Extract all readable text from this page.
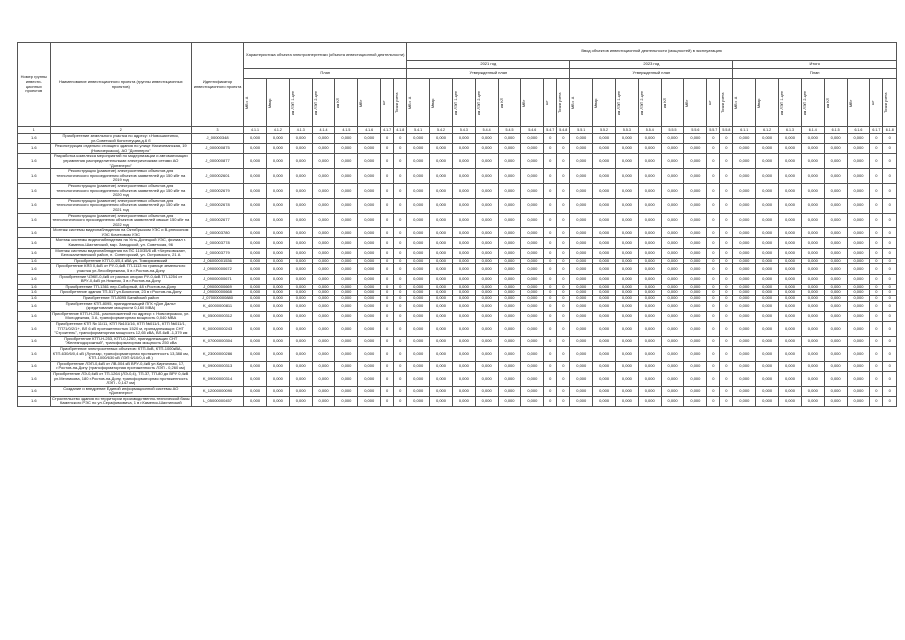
Номер группы инвести-ционных проектов	Наименование инвестиционного проекта (группы инвестиционных проектов)	Идентификатор инвестиционного проекта	Характеристика объекта электроэнергетики (объекта инвестиционной деятельности)								Ввод объектов инвестиционной деятельности (мощностей) в эксплуатацию																							
											2021 год								2023 год								Итого							
			План								Утвержденный план								Утвержденный план								План							

			МВ×А	Мвар	км ЛЭП 1-цеп	км ЛЭП 2-цеп	км КЛ	МВт	шт	Точки учета	МВ×А	Мвар	км ЛЭП 1-цеп	км ЛЭП 2-цеп	км КЛ	МВт	шт	Точки учета	МВ×А	Мвар	км ЛЭП 1-цеп	км ЛЭП 2-цеп	км КЛ	МВт	шт	Точки учета	МВ×А	Мвар	км ЛЭП 1-цеп	км ЛЭП 2-цеп	км КЛ	МВт	шт	Точки учета

1	2	3	4.1.1	4.1.2	4.1.3	4.1.4	4.1.5	4.1.6	4.1.7	4.1.8	5.4.1	5.4.2	5.4.3	5.4.4	5.4.5	5.4.6	5.4.7	5.4.8	5.5.1	5.5.2	5.5.3	5.5.4	5.5.5	5.5.6	5.5.7	5.5.8	6.1.1	6.1.2	6.1.3	6.1.4	6.1.5	6.1.6	6.1.7	6.1.8
1.6	Приобретение земельного участка по адресу: г.Новошахтинск, ул.Советской Конституции,д.6 б	J_00000348	0,000	0,000	0,000	0,000	0,000	0,000	0	0	0,000	0,000	0,000	0,000	0,000	0,000	0	0	0,000	0,000	0,000	0,000	0,000	0,000	0	0	0,000	0,000	0,000	0,000	0,000	0,000	0	0
1.6	Реконструкция отдельно стоящего здания по улице Нахичеванская, 19 (Новочеркасск), АО "Донэнерго"	J_000000875	0,000	0,000	0,000	0,000	0,000	0,000	0	0	0,000	0,000	0,000	0,000	0,000	0,000	0	0	0,000	0,000	0,000	0,000	0,000	0,000	0	0	0,000	0,000	0,000	0,000	0,000	0,000	0	0
1.6	Разработка комплекса мероприятий по модернизации и автоматизации управления распределительными электрическими сетями АО "Донэнерго"	J_000000877	0,000	0,000	0,000	0,000	0,000	0,000	0	0	0,000	0,000	0,000	0,000	0,000	0,000	0	0	0,000	0,000	0,000	0,000	0,000	0,000	0	0	0,000	0,000	0,000	0,000	0,000	0,000	0	0
1.6	Реконструкция (развитие) электросетевых объектов для технологического присоединения объектов заявителей до 150 кВт на 2019 год	J_000002601	0,000	0,000	0,000	0,000	0,000	0,000	0	0	0,000	0,000	0,000	0,000	0,000	0,000	0	0	0,000	0,000	0,000	0,000	0,000	0,000	0	0	0,000	0,000	0,000	0,000	0,000	0,000	0	0
1.6	Реконструкция (развитие) электросетевых объектов для технологического присоединения объектов заявителей до 150 кВт на 2020 год	J_000002679	0,000	0,000	0,000	0,000	0,000	0,000	0	0	0,000	0,000	0,000	0,000	0,000	0,000	0	0	0,000	0,000	0,000	0,000	0,000	0,000	0	0	0,000	0,000	0,000	0,000	0,000	0,000	0	0
1.6	Реконструкция (развитие) электросетевых объектов для технологического присоединения объектов заявителей до 150 кВт на 2021 год	J_000002678	0,000	0,000	0,000	0,000	0,000	0,000	0	0	0,000	0,000	0,000	0,000	0,000	0,000	0	0	0,000	0,000	0,000	0,000	0,000	0,000	0	0	0,000	0,000	0,000	0,000	0,000	0,000	0	0
1.6	Реконструкция (развитие) электросетевых объектов для технологического присоединения объектов заявителей свыше 150 кВт на 2022 год	J_000002677	0,000	0,000	0,000	0,000	0,000	0,000	0	0	0,000	0,000	0,000	0,000	0,000	0,000	0	0	0,000	0,000	0,000	0,000	0,000	0,000	0	0	0,000	0,000	0,000	0,000	0,000	0,000	0	0
1.6	Монтаж системы видеонаблюдения на Октябрьском УЭС и В-рпесконом УЭС Кочетовом УЭС	J_000003780	0,000	0,000	0,000	0,000	0,000	0,000	0	0	0,000	0,000	0,000	0,000	0,000	0,000	0	0	0,000	0,000	0,000	0,000	0,000	0,000	0	0	0,000	0,000	0,000	0,000	0,000	0,000	0	0
1.6	Монтаж системы видеонаблюдения на Усть-Донецкой УЭС, филиал г. Каменск-Шахтинский, мкр. Заводской, ул. Советская, 96	J_000003778	0,000	0,000	0,000	0,000	0,000	0,000	0	0	0,000	0,000	0,000	0,000	0,000	0,000	0	0	0,000	0,000	0,000	0,000	0,000	0,000	0	0	0,000	0,000	0,000	0,000	0,000	0,000	0	0
1.6	Монтаж системы видеонаблюдения на ПС 110/35/6 кВ «Чертковская», Белокалитвинский район, п. Синегорский, ул. Островского, 21 А	J_000003779	0,000	0,000	0,000	0,000	0,000	0,000	0	0	0,000	0,000	0,000	0,000	0,000	0,000	0	0	0,000	0,000	0,000	0,000	0,000	0,000	0	0	0,000	0,000	0,000	0,000	0,000	0,000	0	0
1.6	Приобретение КТП-0,4/0,4 кВА ул. Тимирязевский	J_06000001536	0,000	0,000	0,000	0,000	0,000	0,000	0	0	0,000	0,000	0,000	0,000	0,000	0,000	0	0	0,000	0,000	0,000	0,000	0,000	0,000	0	0	0,000	0,000	0,000	0,000	0,000	0,000	0	0
1.6	Приобретение КЯЗ 0,4кВ от РУ-0,4кВ ТП-1113 по границе земельного участка ул.Лесобережная, 5 в г.Ростов-на-Дону	J_09000000672	0,000	0,000	0,000	0,000	0,000	0,000	0	0	0,000	0,000	0,000	0,000	0,000	0,000	0	0	0,000	0,000	0,000	0,000	0,000	0,000	0	0	0,000	0,000	0,000	0,000	0,000	0,000	0	0
1.6	Приобретение ЧЭКЕ-0,4кВ от разных опорах РУ-0,4кВ ТП-1254 от ВРУ-0,4кВ ул.Нижняя, 3 в г.Ростов-на-Дону	J_09000000671	0,000	0,000	0,000	0,000	0,000	0,000	0	0	0,000	0,000	0,000	0,000	0,000	0,000	0	0	0,000	0,000	0,000	0,000	0,000	0,000	0	0	0,000	0,000	0,000	0,000	0,000	0,000	0	0
1.6	Приобретение ТП-1361 пер.Соборный, 48 г.Ростов-на-Дону	J_09000000669	0,000	0,000	0,000	0,000	0,000	0,000	0	0	0,000	0,000	0,000	0,000	0,000	0,000	0	0	0,000	0,000	0,000	0,000	0,000	0,000	0	0	0,000	0,000	0,000	0,000	0,000	0,000	0	0
1.6	Приобретение здания ТП-517 ул.Биологов, 23 в г.Ростов-на-Дону	J_09000000668	0,000	0,000	0,000	0,000	0,000	0,000	0	0	0,000	0,000	0,000	0,000	0,000	0,000	0	0	0,000	0,000	0,000	0,000	0,000	0,000	0	0	0,000	0,000	0,000	0,000	0,000	0,000	0	0
1.6	Приобретение ТП-8095 Батайский район	J_070000000880	0,000	0,000	0,000	0,000	0,000	0,000	0	0	0,000	0,000	0,000	0,000	0,000	0,000	0	0	0,000	0,000	0,000	0,000	0,000	0,000	0	0	0,000	0,000	0,000	0,000	0,000	0,000	0	0
1.6	Приобретение КТП-8095, принадлежащей ПГК «Дон Даль» (кредитование мощности 0,160 МВА)	K_40000000811	0,000	0,000	0,000	0,000	0,000	0,000	0	0	0,000	0,000	0,000	0,000	0,000	0,000	0	0	0,000	0,000	0,000	0,000	0,000	0,000	0	0	0,000	0,000	0,000	0,000	0,000	0,000	0	0
1.6	Приобретение КТП-Н-251, расположенной по адресу: г. Новочеркасск, ул. Молодежная, 3 А, трансформаторная мощность 0,040 МВА	K_05000000312	0,000	0,000	0,000	0,000	0,000	0,000	0	0	0,000	0,000	0,000	0,000	0,000	0,000	0	0	0,000	0,000	0,000	0,000	0,000	0,000	0	0	0,000	0,000	0,000	0,000	0,000	0,000	0	0
1.6	Приобретение КТП № 11/11, КТП №101/16, КТП №011/1, КТП №011/1, ТП71/0/2/1+, ВЛ 6 кВ протяженностью 1520 м, принадлежащих СНТ "Строитель", трансформаторная мощность 12,65 кВА, ВЛ-6кВ -1,379 км	K_00000000243	0,000	0,000	0,000	0,000	0,000	0,000	0	0	0,000	0,000	0,000	0,000	0,000	0,000	0	0	0,000	0,000	0,000	0,000	0,000	0,000	0	0	0,000	0,000	0,000	0,000	0,000	0,000	0	0
1.6	Приобретение КТП-Н-253, КТП-0,1260, принадлежащих СНТ "Железнодорожный", трансформаторная мощность 250 кВа	K_07000000304	0,000	0,000	0,000	0,000	0,000	0,000	0	0	0,000	0,000	0,000	0,000	0,000	0,000	0	0	0,000	0,000	0,000	0,000	0,000	0,000	0	0	0,000	0,000	0,000	0,000	0,000	0,000	0	0
1.6	Приобретение электросетевых объектов: КТП-0кВ, КТП-1000кВА, КТП-630/6/0,4 кВ (Лучезар, трансформаторная протяженность 13,388 км, КТП-1000/630 кВ ЛЭП 6/10/0,4 кВ )	K_23000000286	0,000	0,000	0,000	0,000	0,000	0,000	0	0	0,000	0,000	0,000	0,000	0,000	0,000	0	0	0,000	0,000	0,000	0,000	0,000	0,000	0	0	0,000	0,000	0,000	0,000	0,000	0,000	0	0
1.6	Приобретение ЛЭП-0,4кВ от ЛВ-004 кВ ВРУ-0,4кВ ул.Кирпичная, 17, г.Ростов-на-Дону (трансформаторная протяженность ЛЭП - 0,260 км)	K_09000000313	0,000	0,000	0,000	0,000	0,000	0,000	0	0	0,000	0,000	0,000	0,000	0,000	0,000	0	0	0,000	0,000	0,000	0,000	0,000	0,000	0	0	0,000	0,000	0,000	0,000	0,000	0,000	0	0
1.6	Приобретение ЛЭ-0,4кВ от ТП-1264 (ЛЭ-0,4), ТП-37, ТП-80 до ВРУ 0,4кВ ул.Мечникова, 180 г.Ростов-на-Дону, трансформаторная протяженность ЛЭП - 0,147 км)	K_09000000314	0,000	0,000	0,000	0,000	0,000	0,000	0	0	0,000	0,000	0,000	0,000	0,000	0,000	0	0	0,000	0,000	0,000	0,000	0,000	0,000	0	0	0,000	0,000	0,000	0,000	0,000	0,000	0	0
1.6	Создание и внедрение Единой информационной системы АО «Донэнерго»	K_12000000090	0,000	0,000	0,000	0,000	0,000	0,000	0	0	0,000	0,000	0,000	0,000	0,000	0,000	0	0	0,000	0,000	0,000	0,000	0,000	0,000	0	0	0,000	0,000	0,000	0,000	0,000	0,000	0	0
1.6	Строительство здания по территории производственно-технической базы Каменского РЭС по ул.Серафимовича, 1 в г.Каменск-Шахтинский	L_05000000457	0,000	0,000	0,000	0,000	0,000	0,000	0	0	0,000	0,000	0,000	0,000	0,000	0,000	0	0	0,000	0,000	0,000	0,000	0,000	0,000	0	0	0,000	0,000	0,000	0,000	0,000	0,000	0	0
